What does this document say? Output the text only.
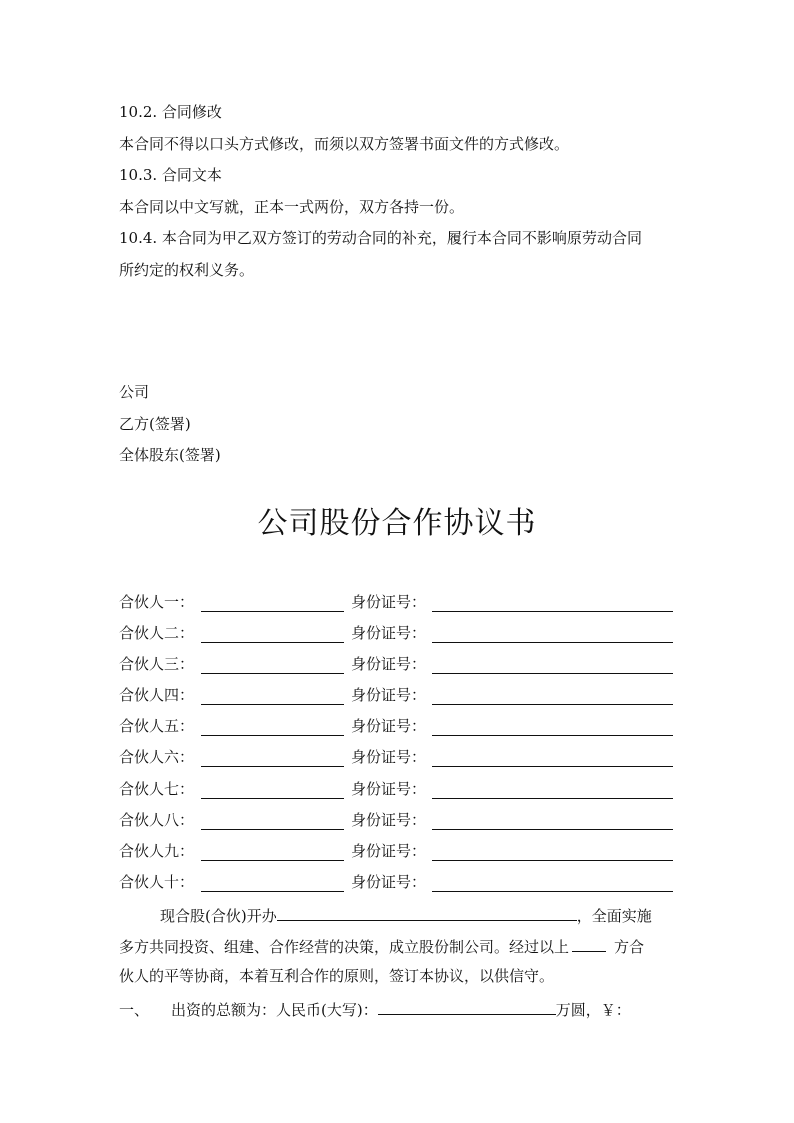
10.2. 合同修改
本合同不得以口头方式修改，而须以双方签署书面文件的方式修改。
10.3. 合同文本
本合同以中文写就，正本一式两份，双方各持一份。
10.4. 本合同为甲乙双方签订的劳动合同的补充，履行本合同不影响原劳动合同
所约定的权利义务。
公司
乙方(签署)
全体股东(签署)
公司股份合作协议书
合伙人一：	身份证号：
合伙人二：	身份证号：
合伙人三：	身份证号：
合伙人四：	身份证号：
合伙人五：	身份证号：
合伙人六：	身份证号：
合伙人七：	身份证号：
合伙人八：	身份证号：
合伙人九：	身份证号：
合伙人十：	身份证号：
现合股(合伙)开办	，全面实施
多方共同投资、组建、合作经营的决策，成立股份制公司。经过以上	方合
伙人的平等协商，本着互利合作的原则，签订本协议，以供信守。
一、 出资的总额为：人民币(大写)：	万圆，￥：
